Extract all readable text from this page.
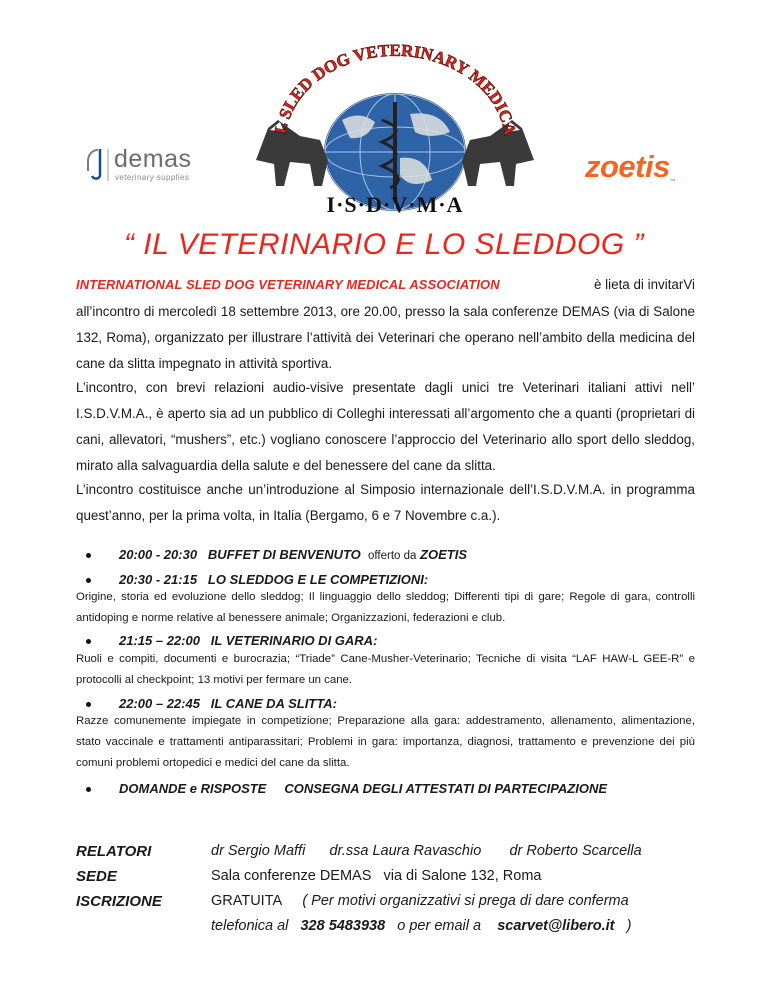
demas
veterinary supplies
L SLED DOG VETERINARY MEDICA
I·S·D·V·M·A
zoetis™
“ IL VETERINARIO E LO SLEDDOG ”
INTERNATIONAL SLED DOG VETERINARY MEDICAL ASSOCIATION	è lieta di invitarVi
all’incontro di mercoledì 18 settembre 2013, ore 20.00, presso la sala conferenze DEMAS (via di Salone 132, Roma), organizzato per illustrare l’attività dei Veterinari che operano nell’ambito della medicina del cane da slitta impegnato in attività sportiva.
L’incontro, con brevi relazioni audio-visive presentate dagli unici tre Veterinari italiani attivi nell’ I.S.D.V.M.A., è aperto sia ad un pubblico di Colleghi interessati all’argomento che a quanti (proprietari di cani, allevatori, “mushers”, etc.) vogliano conoscere l’approccio del Veterinario allo sport dello sleddog, mirato alla salvaguardia della salute e del benessere del cane da slitta.
L’incontro costituisce anche un’introduzione al Simposio internazionale dell’I.S.D.V.M.A. in programma quest’anno, per la prima volta, in Italia (Bergamo, 6 e 7 Novembre c.a.).
20:00 - 20:30 BUFFET DI BENVENUTO offerto da ZOETIS
20:30 - 21:15 LO SLEDDOG E LE COMPETIZIONI:
Origine, storia ed evoluzione dello sleddog; Il linguaggio dello sleddog; Differenti tipi di gare; Regole di gara, controlli antidoping e norme relative al benessere animale; Organizzazioni, federazioni e club.
21:15 – 22:00 IL VETERINARIO DI GARA:
Ruoli e compiti, documenti e burocrazia; “Triade” Cane-Musher-Veterinario; Tecniche di visita “LAF HAW-L GEE-R” e protocolli al checkpoint; 13 motivi per fermare un cane.
22:00 – 22:45 IL CANE DA SLITTA:
Razze comunemente impiegate in competizione; Preparazione alla gara: addestramento, allenamento, alimentazione, stato vaccinale e trattamenti antiparassitari; Problemi in gara: importanza, diagnosi, trattamento e prevenzione dei più comuni problemi ortopedici e medici del cane da slitta.
DOMANDE e RISPOSTE CONSEGNA DEGLI ATTESTATI DI PARTECIPAZIONE
RELATORI	dr Sergio Maffi dr.ssa Laura Ravaschio dr Roberto Scarcella
SEDE	Sala conferenze DEMAS   via di Salone 132, Roma
ISCRIZIONE	GRATUITA ( Per motivi organizzativi si prega di dare conferma
telefonica al 328 5483938 o per email a scarvet@libero.it )
